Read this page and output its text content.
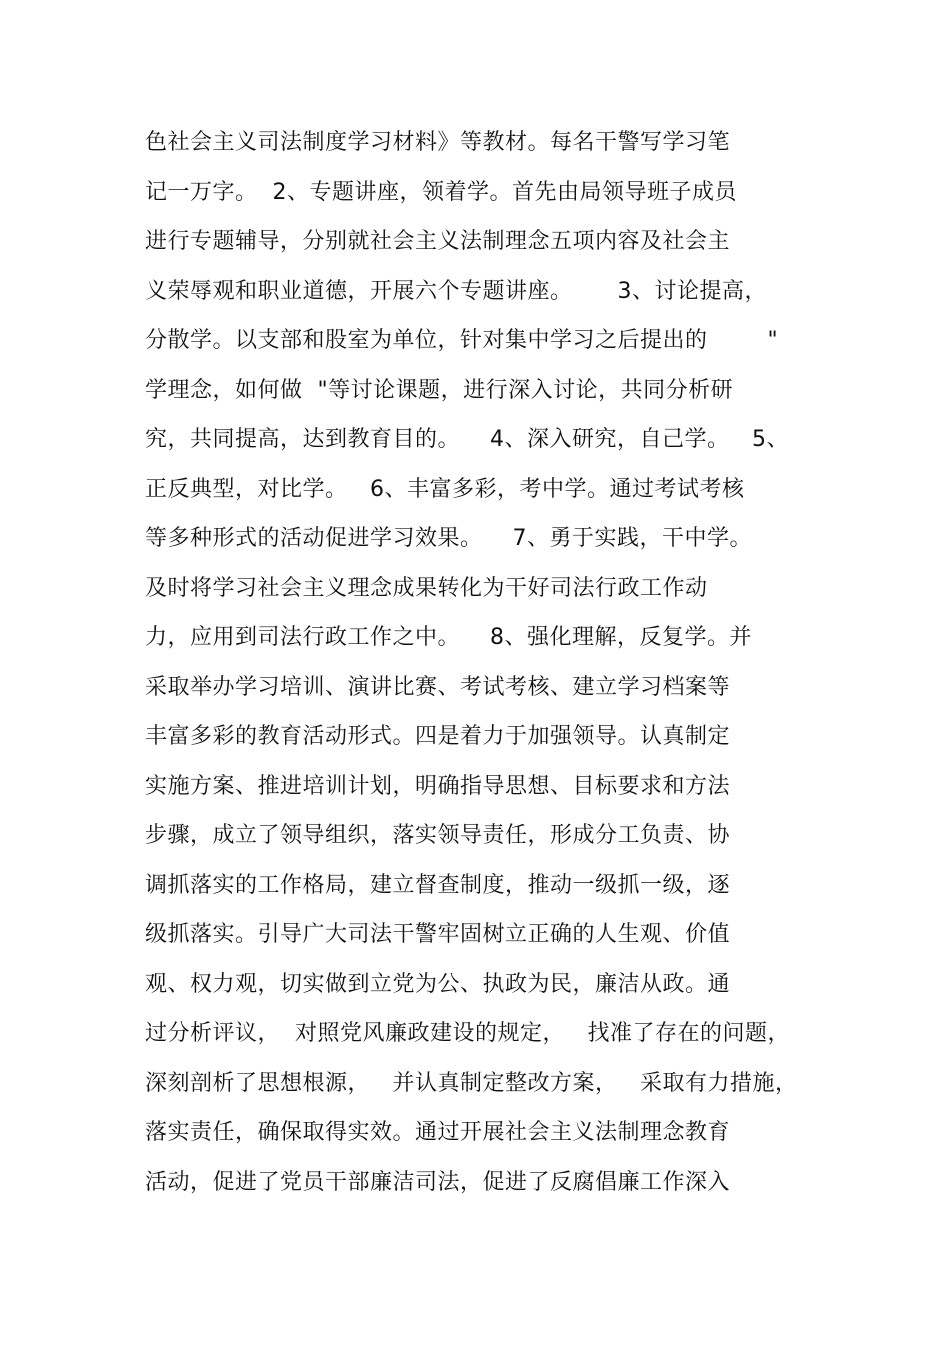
色社会主义司法制度学习材料》等教材。每名干警写学习笔
记一万字。  2、专题讲座，领着学。首先由局领导班子成员
进行专题辅导，分别就社会主义法制理念五项内容及社会主
义荣辱观和职业道德，开展六个专题讲座。      3、讨论提高，
分散学。以支部和股室为单位，针对集中学习之后提出的        "
学理念，如何做  "等讨论课题，进行深入讨论，共同分析研
究，共同提高，达到教育目的。    4、深入研究，自己学。   5、
正反典型，对比学。   6、丰富多彩，考中学。通过考试考核
等多种形式的活动促进学习效果。    7、勇于实践，干中学。
及时将学习社会主义理念成果转化为干好司法行政工作动
力，应用到司法行政工作之中。    8、强化理解，反复学。并
采取举办学习培训、演讲比赛、考试考核、建立学习档案等
丰富多彩的教育活动形式。四是着力于加强领导。认真制定
实施方案、推进培训计划，明确指导思想、目标要求和方法
步骤，成立了领导组织，落实领导责任，形成分工负责、协
调抓落实的工作格局，建立督查制度，推动一级抓一级，逐
级抓落实。引导广大司法干警牢固树立正确的人生观、价值
观、权力观，切实做到立党为公、执政为民，廉洁从政。通
过分析评议，  对照党风廉政建设的规定，   找准了存在的问题，
深刻剖析了思想根源，   并认真制定整改方案，   采取有力措施，
落实责任，确保取得实效。通过开展社会主义法制理念教育
活动，促进了党员干部廉洁司法，促进了反腐倡廉工作深入
